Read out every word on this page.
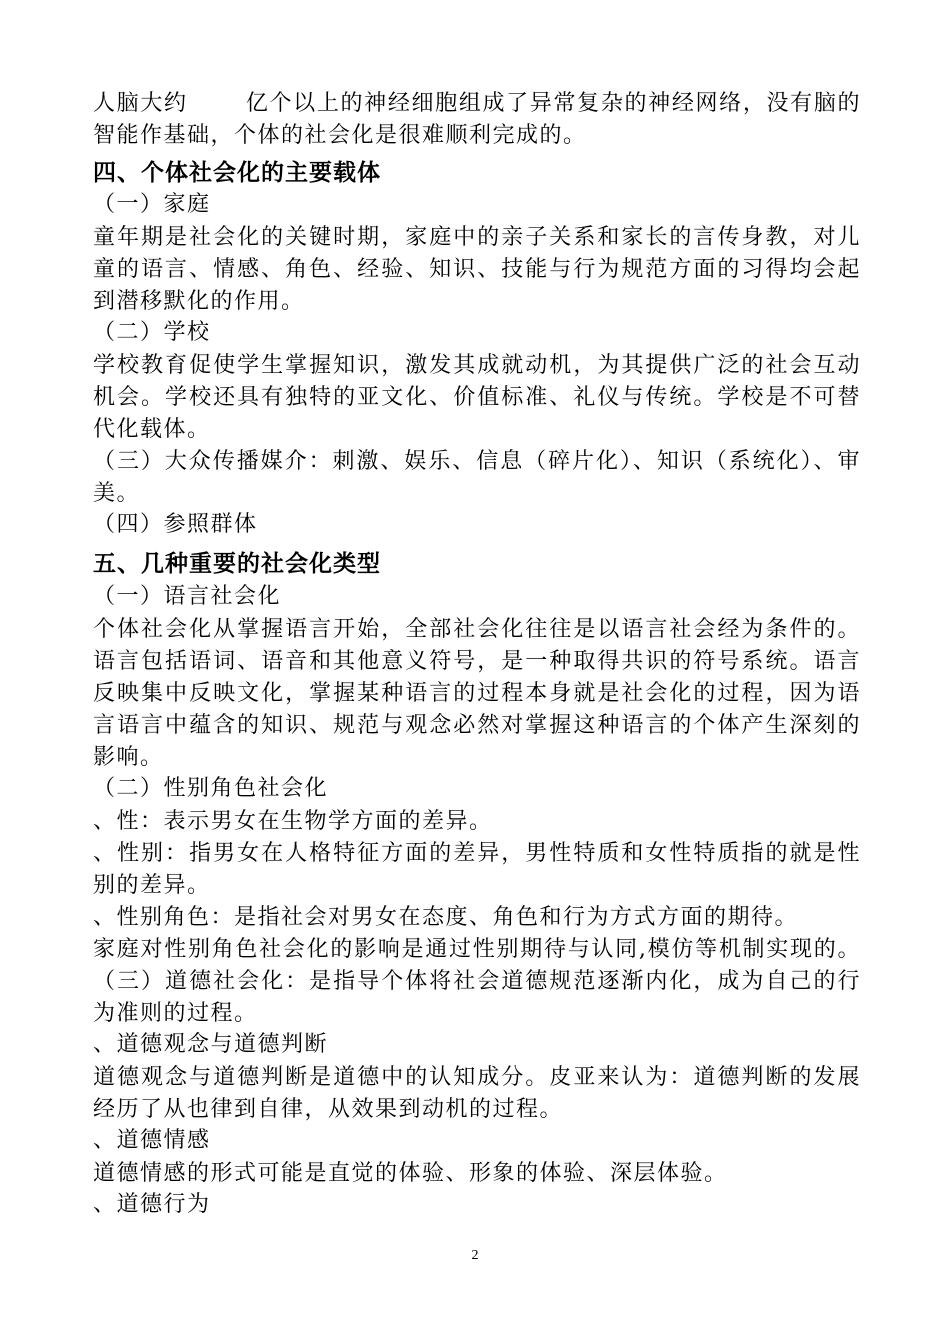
人脑大约	亿个以上的神经细胞组成了异常复杂的神经网络，没有脑的
智能作基础，个体的社会化是很难顺利完成的。
四、个体社会化的主要载体
（一）家庭
童年期是社会化的关键时期，家庭中的亲子关系和家长的言传身教，对儿
童的语言、情感、角色、经验、知识、技能与行为规范方面的习得均会起
到潜移默化的作用。
（二）学校
学校教育促使学生掌握知识，激发其成就动机，为其提供广泛的社会互动
机会。学校还具有独特的亚文化、价值标准、礼仪与传统。学校是不可替
代化载体。
（三）大众传播媒介：刺激、娱乐、信息（碎片化）、知识（系统化）、审
美。
（四）参照群体
五、几种重要的社会化类型
（一）语言社会化
个体社会化从掌握语言开始，全部社会化往往是以语言社会经为条件的。
语言包括语词、语音和其他意义符号，是一种取得共识的符号系统。语言
反映集中反映文化，掌握某种语言的过程本身就是社会化的过程，因为语
言语言中蕴含的知识、规范与观念必然对掌握这种语言的个体产生深刻的
影响。
（二）性别角色社会化
、性：表示男女在生物学方面的差异。
、性别：指男女在人格特征方面的差异，男性特质和女性特质指的就是性
别的差异。
、性别角色：是指社会对男女在态度、角色和行为方式方面的期待。
家庭对性别角色社会化的影响是通过性别期待与认同,模仿等机制实现的。
（三）道德社会化：是指导个体将社会道德规范逐渐内化，成为自己的行
为准则的过程。
、道德观念与道德判断
道德观念与道德判断是道德中的认知成分。皮亚来认为：道德判断的发展
经历了从也律到自律，从效果到动机的过程。
、道德情感
道德情感的形式可能是直觉的体验、形象的体验、深层体验。
、道德行为
2
